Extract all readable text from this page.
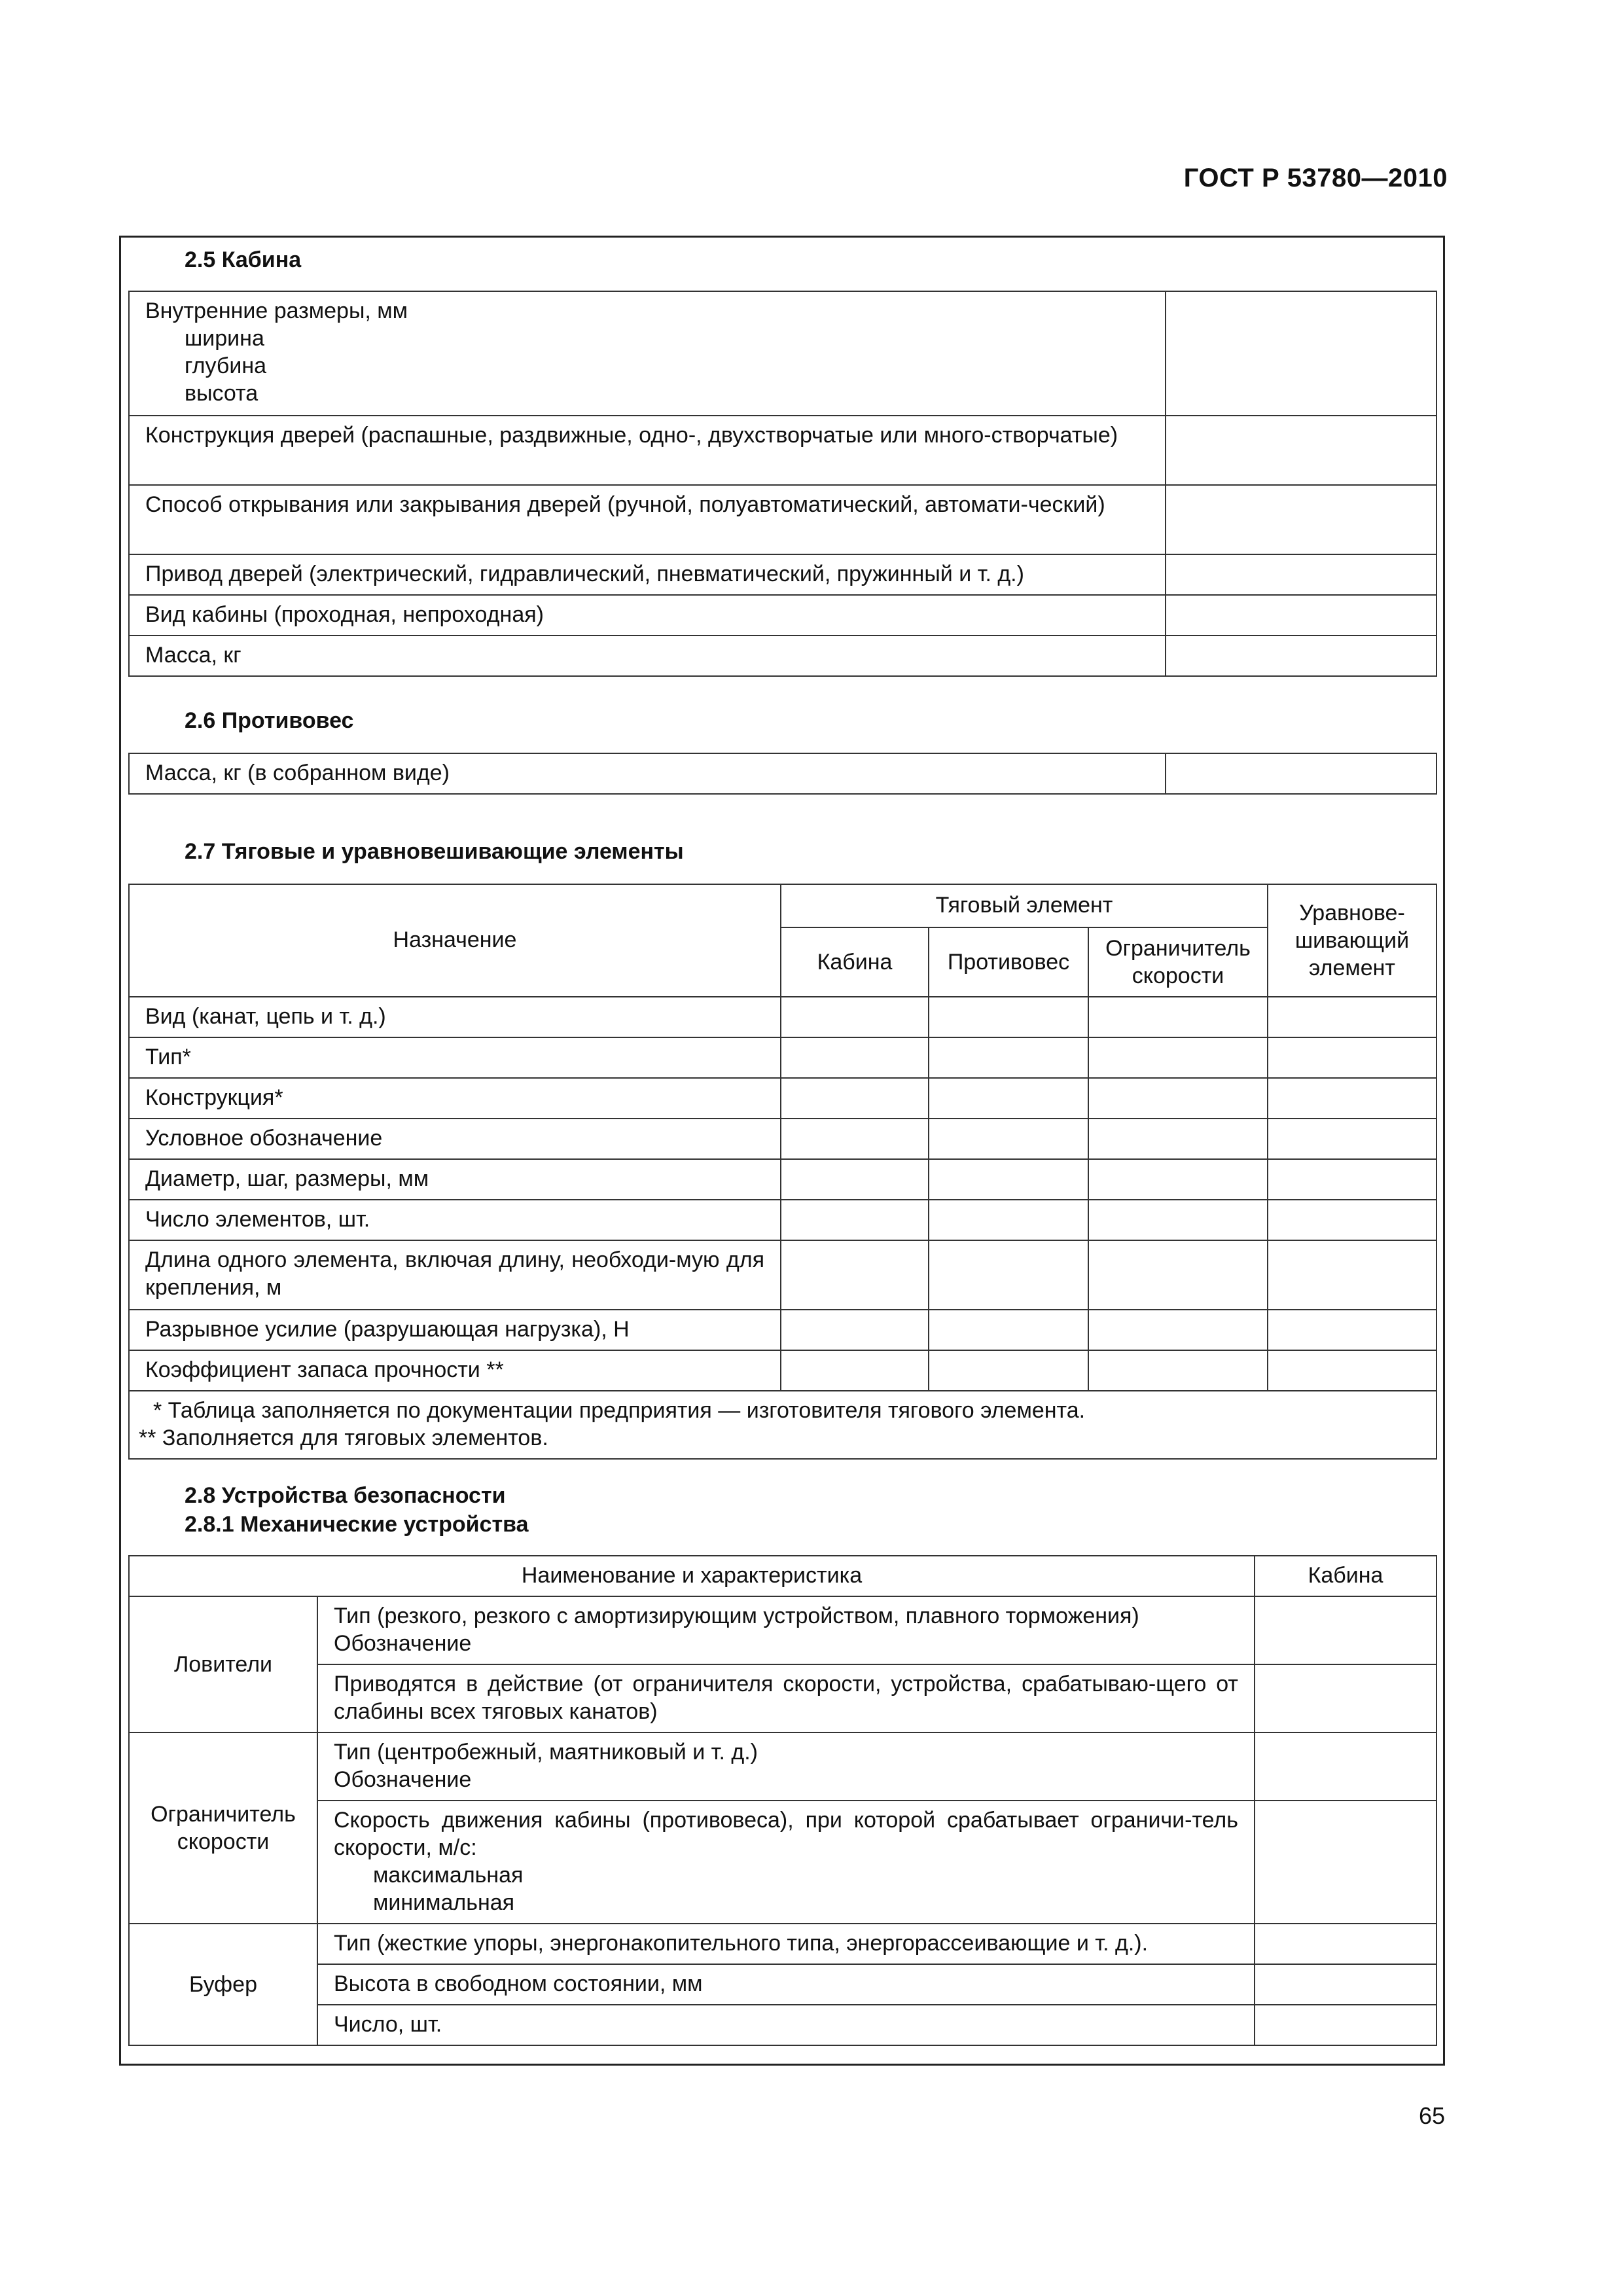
ГОСТ Р 53780—2010
2.5 Кабина
Внутренние размеры, мм
ширина
глубина
высота	

Конструкция дверей (распашные, раздвижные, одно-, двухстворчатые или много-створчатые)	
Способ открывания или закрывания дверей (ручной, полуавтоматический, автомати-ческий)	
Привод дверей (электрический, гидравлический, пневматический, пружинный и т. д.)	
Вид кабины (проходная, непроходная)	
Масса, кг	
2.6 Противовес
Масса, кг (в собранном виде)	
2.7 Тяговые и уравновешивающие элементы
Назначение	Тяговый элемент			Уравнове-шивающий элемент
	Кабина	Противовес	Ограничитель скорости	
Вид (канат, цепь и т. д.)				
Тип*				
Конструкция*				
Условное обозначение				
Диаметр, шаг, размеры, мм				
Число элементов, шт.				
Длина одного элемента, включая длину, необходи-мую для крепления, м				
Разрывное усилие (разрушающая нагрузка), Н				
Коэффициент запаса прочности **				

* Таблица заполняется по документации предприятия — изготовителя тягового элемента.
** Заполняется для тяговых элементов.				
2.8 Устройства безопасности
2.8.1 Механические устройства
Наименование и характеристика		Кабина
Ловители	Тип (резкого, резкого с амортизирующим устройством, плавного торможения)
Обозначение	

	Приводятся в действие (от ограничителя скорости, устройства, срабатываю-щего от слабины всех тяговых канатов)	
Ограничитель скорости	Тип (центробежный, маятниковый и т. д.)
Обозначение	

	Скорость движения кабины (противовеса), при которой срабатывает ограничи-тель скорости, м/с:
максимальная
минимальная	

Буфер	Тип (жесткие упоры, энергонакопительного типа, энергорассеивающие и т. д.).	
	Высота в свободном состоянии, мм	
	Число, шт.	
65
